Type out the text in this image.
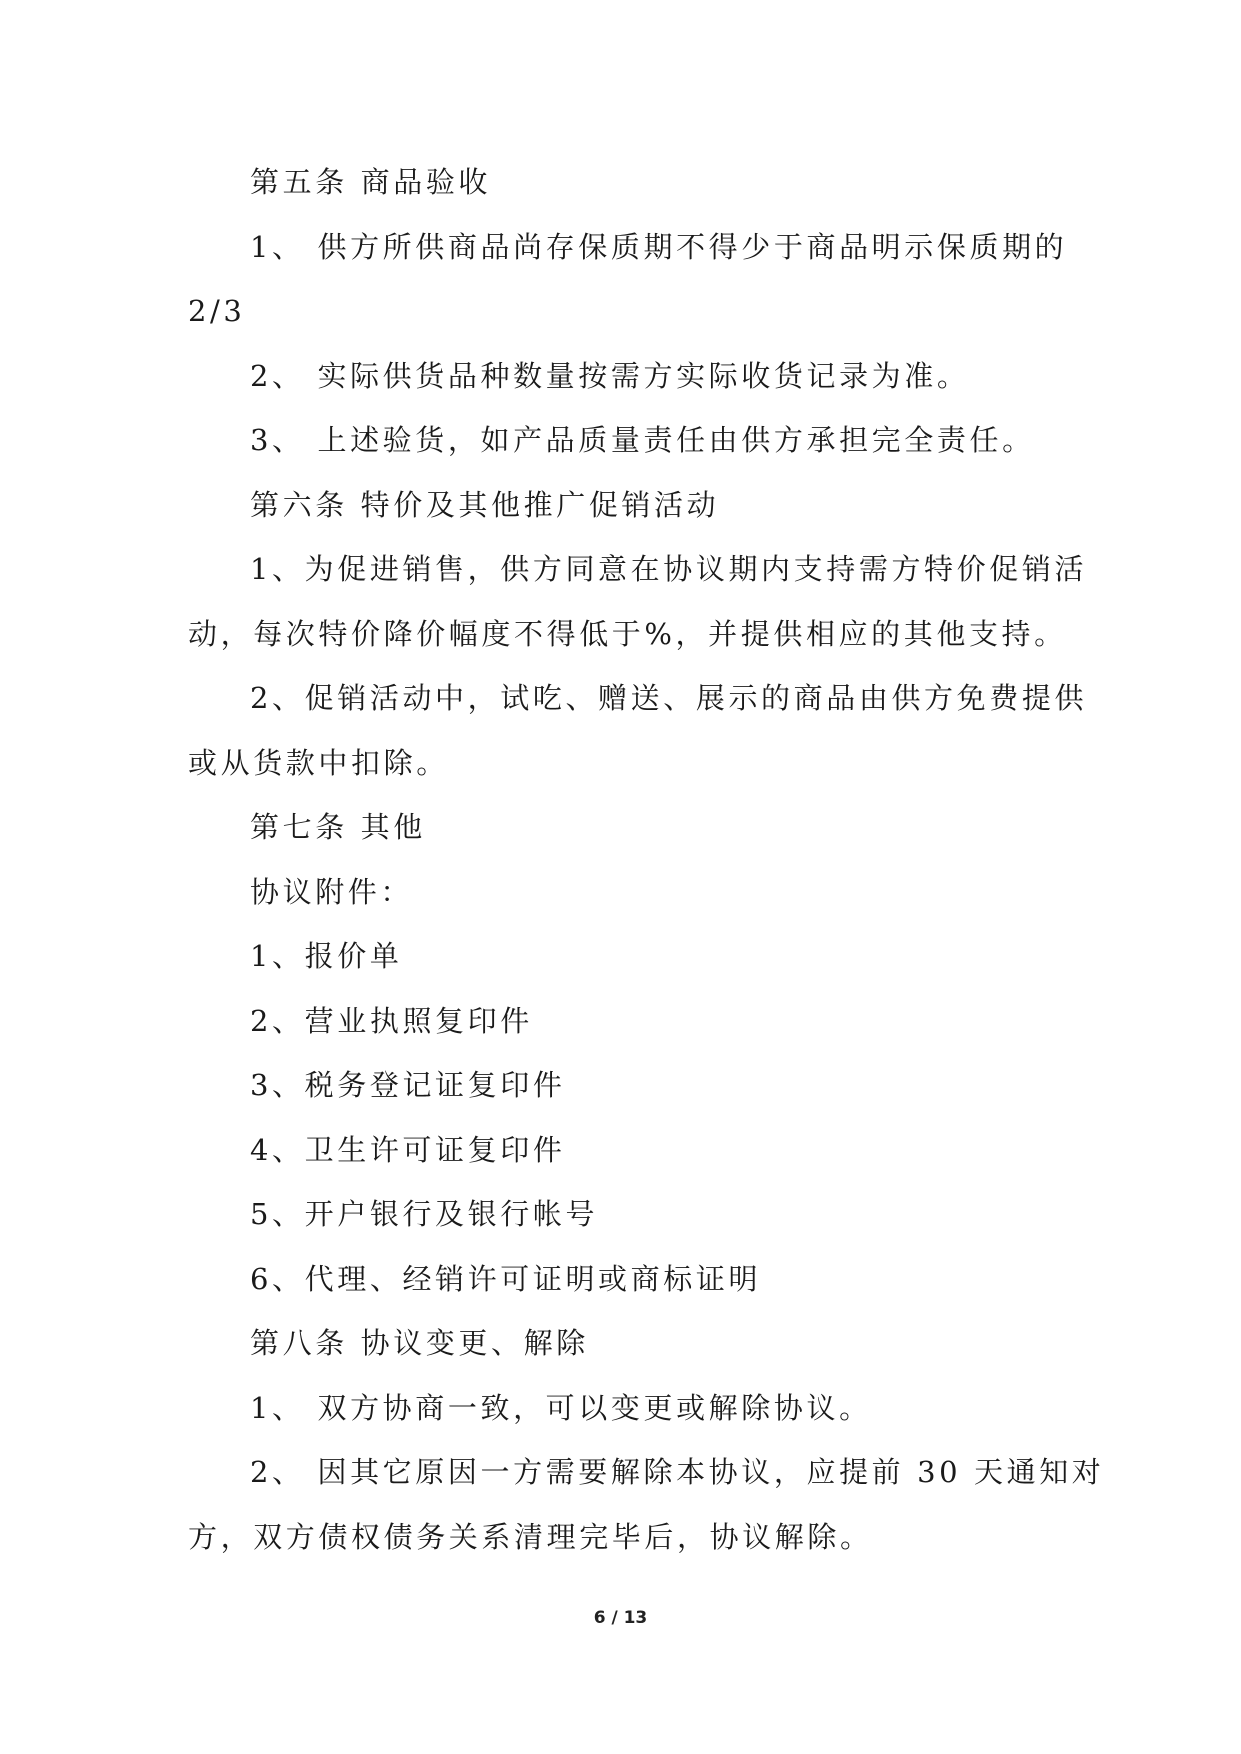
第五条 商品验收
1、 供方所供商品尚存保质期不得少于商品明示保质期的
2/3
2、 实际供货品种数量按需方实际收货记录为准。
3、 上述验货，如产品质量责任由供方承担完全责任。
第六条 特价及其他推广促销活动
1、为促进销售，供方同意在协议期内支持需方特价促销活
动，每次特价降价幅度不得低于%，并提供相应的其他支持。
2、促销活动中，试吃、赠送、展示的商品由供方免费提供
或从货款中扣除。
第七条 其他
协议附件：
1、报价单
2、营业执照复印件
3、税务登记证复印件
4、卫生许可证复印件
5、开户银行及银行帐号
6、代理、经销许可证明或商标证明
第八条 协议变更、解除
1、 双方协商一致，可以变更或解除协议。
2、 因其它原因一方需要解除本协议，应提前 30 天通知对
方，双方债权债务关系清理完毕后，协议解除。
6 / 13
